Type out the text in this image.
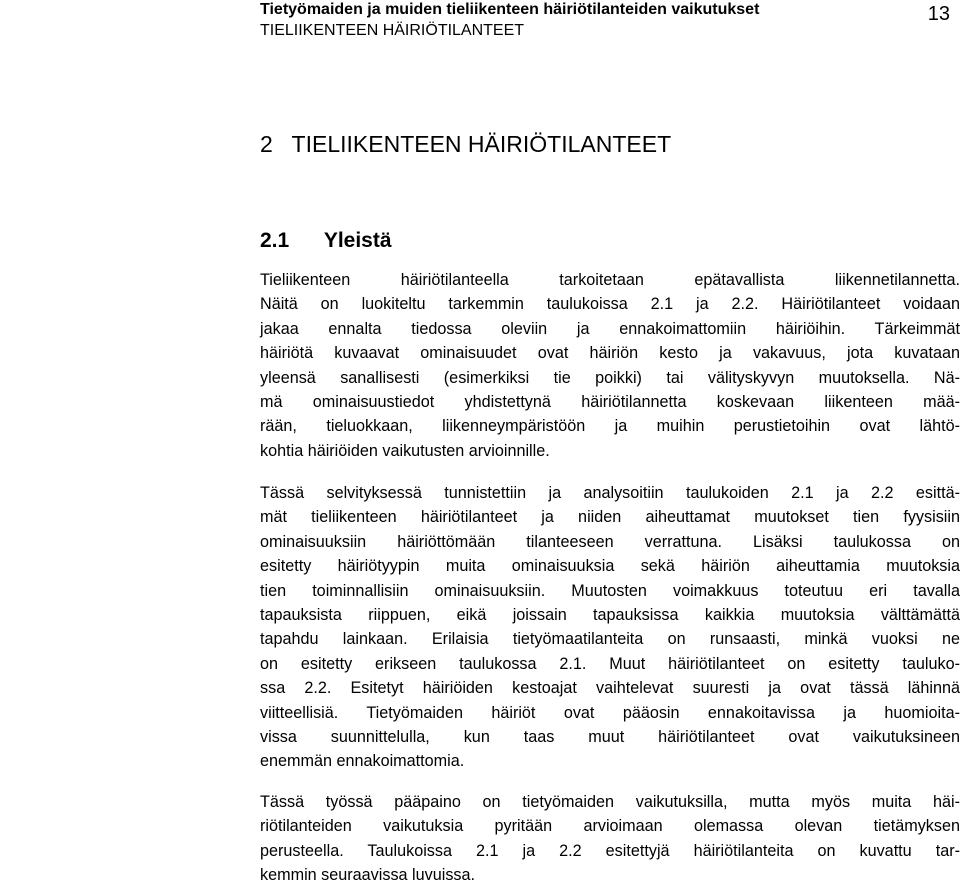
Tietyömaiden ja muiden tieliikenteen häiriötilanteiden vaikutukset
TIELIIKENTEEN HÄIRIÖTILANTEET
13
2   TIELIIKENTEEN HÄIRIÖTILANTEET
2.1      Yleistä
Tieliikenteen häiriötilanteella tarkoitetaan epätavallista liikennetilannetta.
Näitä on luokiteltu tarkemmin taulukoissa 2.1 ja 2.2. Häiriötilanteet voidaan
jakaa ennalta tiedossa oleviin ja ennakoimattomiin häiriöihin. Tärkeimmät
häiriötä kuvaavat ominaisuudet ovat häiriön kesto ja vakavuus, jota kuvataan
yleensä sanallisesti (esimerkiksi tie poikki) tai välityskyvyn muutoksella. Nä-
mä ominaisuustiedot yhdistettynä häiriötilannetta koskevaan liikenteen mää-
rään, tieluokkaan, liikenneympäristöön ja muihin perustietoihin ovat lähtö-
kohtia häiriöiden vaikutusten arvioinnille.
Tässä selvityksessä tunnistettiin ja analysoitiin taulukoiden 2.1 ja 2.2 esittä-
mät tieliikenteen häiriötilanteet ja niiden aiheuttamat muutokset tien fyysisiin
ominaisuuksiin häiriöttömään tilanteeseen verrattuna. Lisäksi taulukossa on
esitetty häiriötyypin muita ominaisuuksia sekä häiriön aiheuttamia muutoksia
tien toiminnallisiin ominaisuuksiin. Muutosten voimakkuus toteutuu eri tavalla
tapauksista riippuen, eikä joissain tapauksissa kaikkia muutoksia välttämättä
tapahdu lainkaan. Erilaisia tietyömaatilanteita on runsaasti, minkä vuoksi ne
on esitetty erikseen taulukossa 2.1. Muut häiriötilanteet on esitetty tauluko-
ssa 2.2. Esitetyt häiriöiden kestoajat vaihtelevat suuresti ja ovat tässä lähinnä
viitteellisiä. Tietyömaiden häiriöt ovat pääosin ennakoitavissa ja huomioita-
vissa suunnittelulla, kun taas muut häiriötilanteet ovat vaikutuksineen
enemmän ennakoimattomia.
Tässä työssä pääpaino on tietyömaiden vaikutuksilla, mutta myös muita häi-
riötilanteiden vaikutuksia pyritään arvioimaan olemassa olevan tietämyksen
perusteella. Taulukoissa 2.1 ja 2.2 esitettyjä häiriötilanteita on kuvattu tar-
kemmin seuraavissa luvuissa.
